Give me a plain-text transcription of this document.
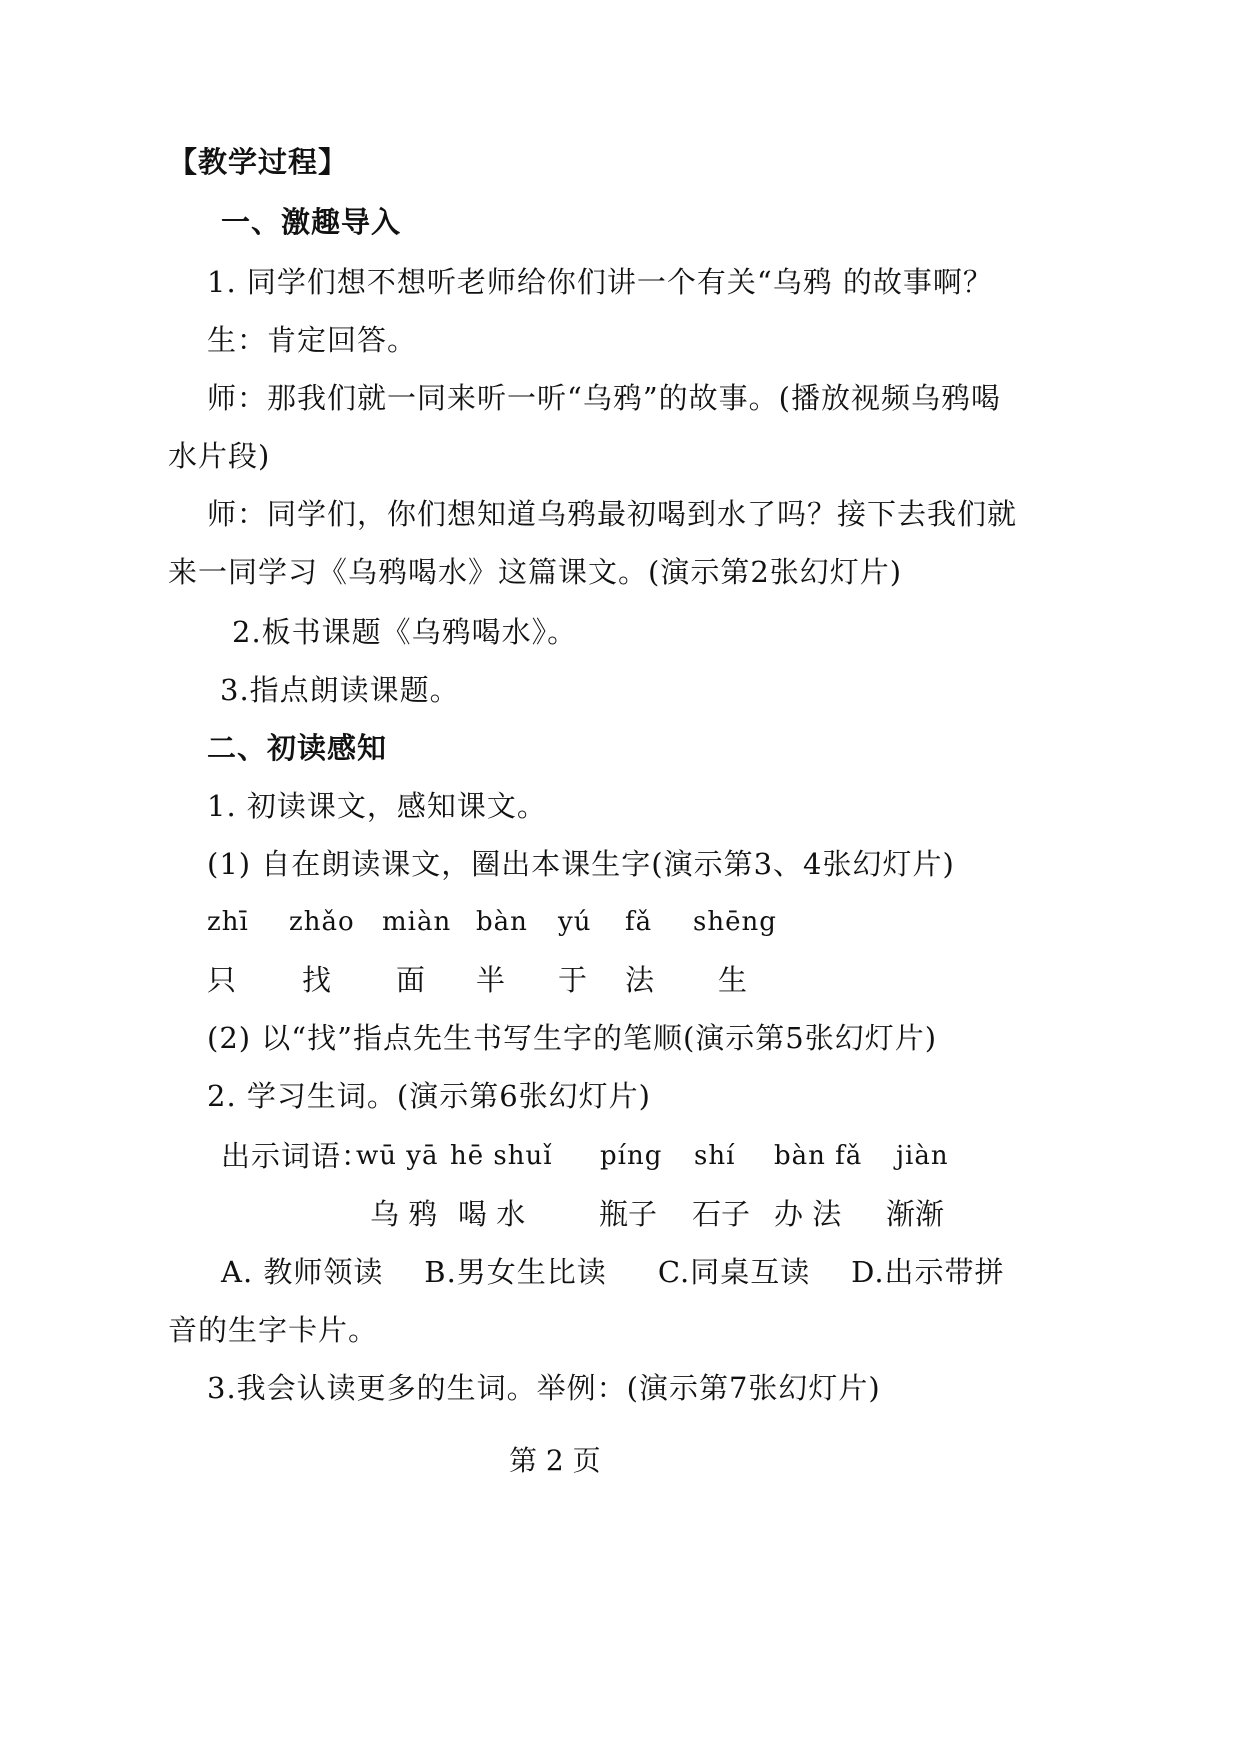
【教学过程】
一、激趣导入
1. 同学们想不想听老师给你们讲一个有关“乌鸦 的故事啊？
生：肯定回答。
师：那我们就一同来听一听“乌鸦”的故事。(播放视频乌鸦喝
水片段)
师：同学们，你们想知道乌鸦最初喝到水了吗？接下去我们就
来一同学习《乌鸦喝水》这篇课文。(演示第2张幻灯片)
2.板书课题《乌鸦喝水》。
3.指点朗读课题。
二、初读感知
1. 初读课文，感知课文。
(1) 自在朗读课文，圈出本课生字(演示第3、4张幻灯片)
zhī zhǎo miàn bàn yú fǎ shēng
只 找 面 半 于 法 生
(2) 以“找”指点先生书写生字的笔顺(演示第5张幻灯片)
2. 学习生词。(演示第6张幻灯片)
出示词语：
wū yā hē shuǐ píng shí bàn fǎ jiàn
乌 鸦 喝 水	瓶子 石子 办 法 渐渐
A. 教师领读    B.男女生比读     C.同桌互读    D.出示带拼
音的生字卡片。
3.我会认读更多的生词。举例：(演示第7张幻灯片)
第 2 页
